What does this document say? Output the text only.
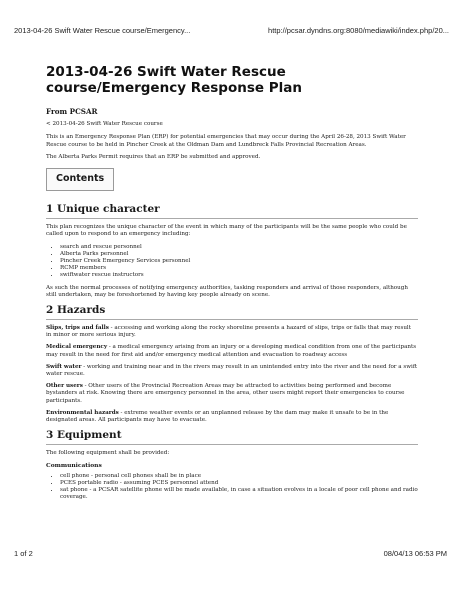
2013-04-26 Swift Water Rescue course/Emergency...	http://pcsar.dyndns.org:8080/mediawiki/index.php/20...
2013-04-26 Swift Water Rescue course/Emergency Response Plan
From PCSAR
< 2013-04-26 Swift Water Rescue course

This is an Emergency Response Plan (ERP) for potential emergencies that may occur during the April 26-28, 2013 Swift Water Rescue course to be held in Pincher Creek at the Oldman Dam and Lundbreck Falls Provincial Recreation Areas.

The Alberta Parks Permit requires that an ERP be submitted and approved.

Contents
1 Unique character

This plan recognizes the unique character of the event in which many of the participants will be the same people who could be called upon to respond to an emergency including:

• search and rescue personnel
• Alberta Parks personnel
• Pincher Creek Emergency Services personnel
• RCMP members
• swiftwater rescue instructors

As such the normal processes of notifying emergency authorities, tasking responders and arrival of those responders, although still undertaken, may be foreshortened by having key people already on scene.

2 Hazards

Slips, trips and falls - accessing and working along the rocky shoreline presents a hazard of slips, trips or falls that may result in minor or more serious injury.

Medical emergency - a medical emergency arising from an injury or a developing medical condition from one of the participants may result in the need for first aid and/or emergency medical attention and evacuation to roadway access

Swift water - working and training near and in the rivers may result in an unintended entry into the river and the need for a swift water rescue.

Other users - Other users of the Provincial Recreation Areas may be attracted to activities being performed and become bystanders at risk. Knowing there are emergency personnel in the area, other users might report their emergencies to course participants.

Environmental hazards - extreme weather events or an unplanned release by the dam may make it unsafe to be in the designated areas. All participants may have to evacuate.

3 Equipment

The following equipment shall be provided:

Communications
• cell phone - personal cell phones shall be in place
• PCES portable radio - assuming PCES personnel attend
• sat phone - a PCSAR satellite phone will be made available, in case a situation evolves in a locale of poor cell phone and radio coverage.
1 of 2	08/04/13 06:53 PM
